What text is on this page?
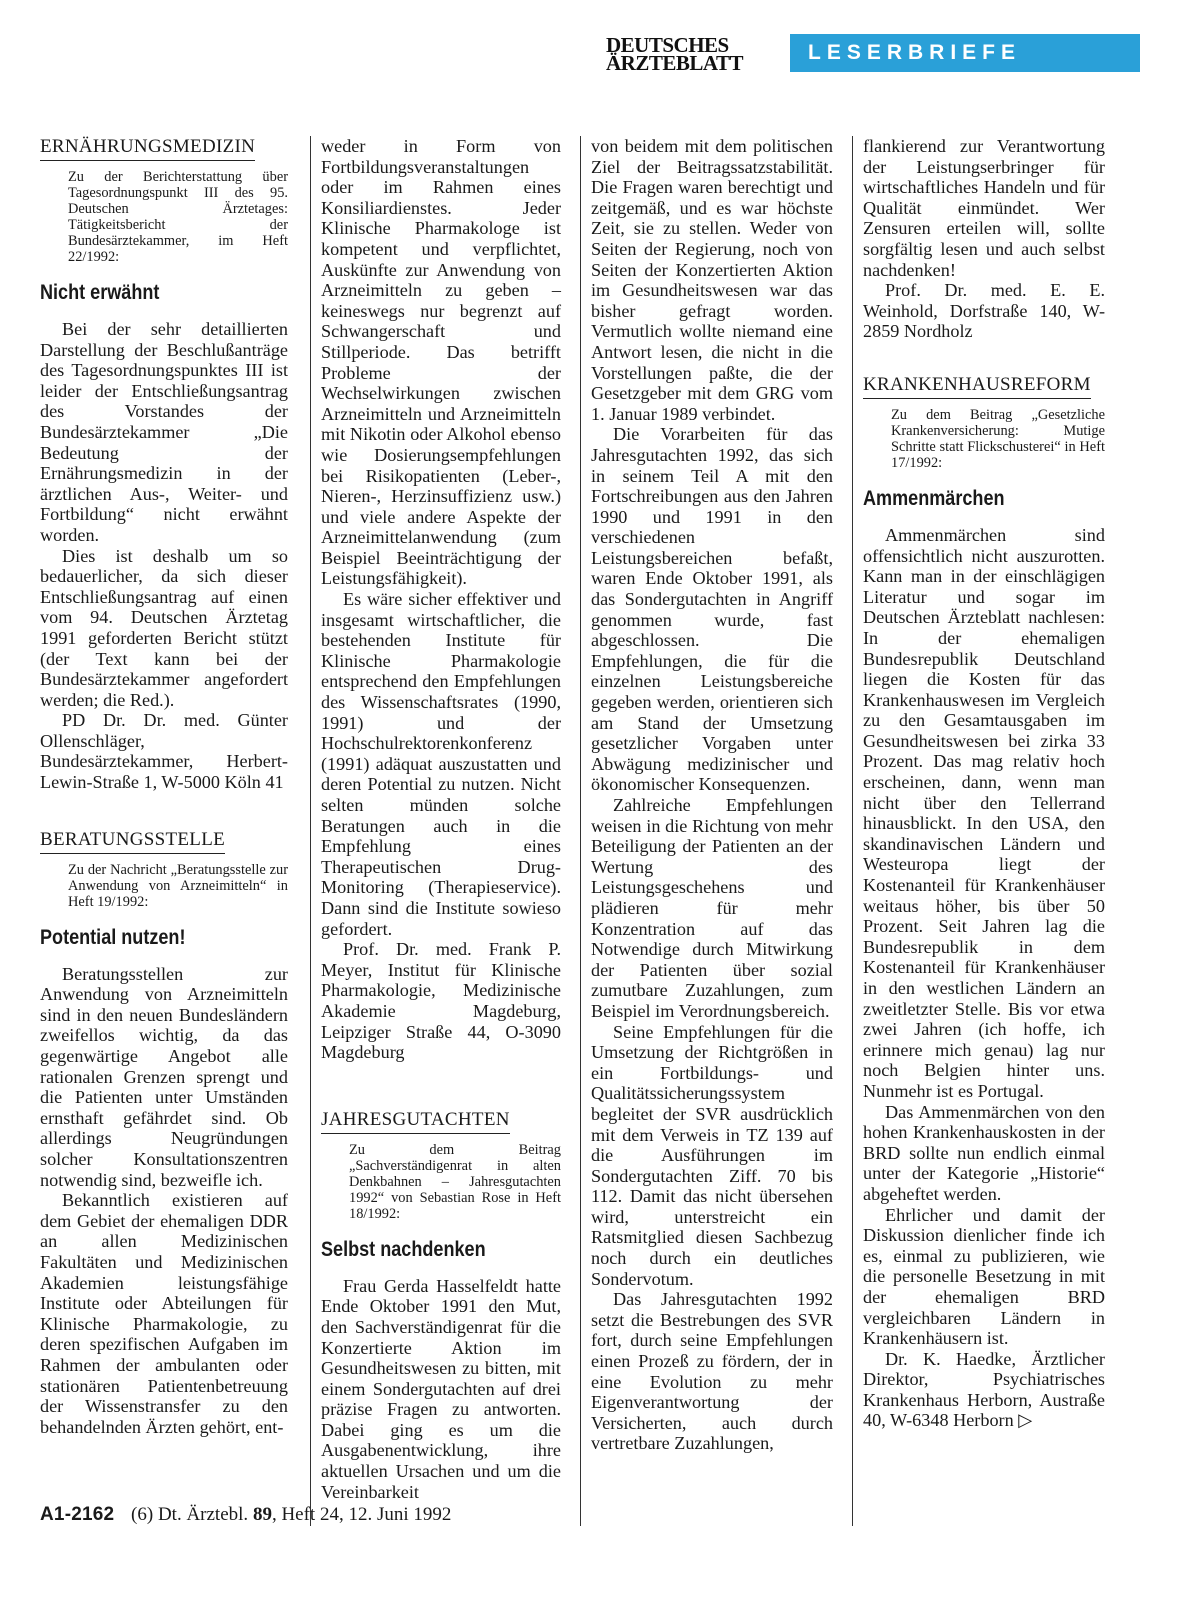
DEUTSCHES
ÄRZTEBLATT	LESERBRIEFE
ERNÄHRUNGSMEDIZIN
Zu der Berichterstattung über Tagesordnungspunkt III des 95. Deutschen Ärztetages: Tätigkeitsbericht der Bundesärztekammer, im Heft 22/1992:
Nicht erwähnt

Bei der sehr detaillierten Darstellung der Beschlußanträge des Tagesordnungspunktes III ist leider der Entschließungsantrag des Vorstandes der Bundesärztekammer „Die Bedeutung der Ernährungsmedizin in der ärztlichen Aus-, Weiter- und Fortbildung“ nicht erwähnt worden.

Dies ist deshalb um so bedauerlicher, da sich dieser Entschließungsantrag auf einen vom 94. Deutschen Ärztetag 1991 geforderten Bericht stützt (der Text kann bei der Bundesärztekammer angefordert werden; die Red.).

PD Dr. Dr. med. Günter Ollenschläger, Bundesärztekammer, Herbert-Lewin-Straße 1, W-5000 Köln 41

BERATUNGSSTELLE
Zu der Nachricht „Beratungsstelle zur Anwendung von Arzneimitteln“ in Heft 19/1992:
Potential nutzen!

Beratungsstellen zur Anwendung von Arzneimitteln sind in den neuen Bundesländern zweifellos wichtig, da das gegenwärtige Angebot alle rationalen Grenzen sprengt und die Patienten unter Umständen ernsthaft gefährdet sind. Ob allerdings Neugründungen solcher Konsultationszentren notwendig sind, bezweifle ich.

Bekanntlich existieren auf dem Gebiet der ehemaligen DDR an allen Medizinischen Fakultäten und Medizinischen Akademien leistungsfähige Institute oder Abteilungen für Klinische Pharmakologie, zu deren spezifischen Aufgaben im Rahmen der ambulanten oder stationären Patientenbetreuung der Wissenstransfer zu den behandelnden Ärzten gehört, ent-

weder in Form von Fortbildungsveranstaltungen oder im Rahmen eines Konsiliardienstes. Jeder Klinische Pharmakologe ist kompetent und verpflichtet, Auskünfte zur Anwendung von Arzneimitteln zu geben – keineswegs nur begrenzt auf Schwangerschaft und Stillperiode. Das betrifft Probleme der Wechselwirkungen zwischen Arzneimitteln und Arzneimitteln mit Nikotin oder Alkohol ebenso wie Dosierungsempfehlungen bei Risikopatienten (Leber-, Nieren-, Herzinsuffizienz usw.) und viele andere Aspekte der Arzneimittelanwendung (zum Beispiel Beeinträchtigung der Leistungsfähigkeit).

Es wäre sicher effektiver und insgesamt wirtschaftlicher, die bestehenden Institute für Klinische Pharmakologie entsprechend den Empfehlungen des Wissenschaftsrates (1990, 1991) und der Hochschulrektorenkonferenz (1991) adäquat auszustatten und deren Potential zu nutzen. Nicht selten münden solche Beratungen auch in die Empfehlung eines Therapeutischen Drug-Monitoring (Therapieservice). Dann sind die Institute sowieso gefordert.

Prof. Dr. med. Frank P. Meyer, Institut für Klinische Pharmakologie, Medizinische Akademie Magdeburg, Leipziger Straße 44, O-3090 Magdeburg

JAHRESGUTACHTEN
Zu dem Beitrag „Sachverständigenrat in alten Denkbahnen – Jahresgutachten 1992“ von Sebastian Rose in Heft 18/1992:
Selbst nachdenken

Frau Gerda Hasselfeldt hatte Ende Oktober 1991 den Mut, den Sachverständigenrat für die Konzertierte Aktion im Gesundheitswesen zu bitten, mit einem Sondergutachten auf drei präzise Fragen zu antworten. Dabei ging es um die Ausgabenentwicklung, ihre aktuellen Ursachen und um die Vereinbarkeit

von beidem mit dem politischen Ziel der Beitragssatzstabilität. Die Fragen waren berechtigt und zeitgemäß, und es war höchste Zeit, sie zu stellen. Weder von Seiten der Regierung, noch von Seiten der Konzertierten Aktion im Gesundheitswesen war das bisher gefragt worden. Vermutlich wollte niemand eine Antwort lesen, die nicht in die Vorstellungen paßte, die der Gesetzgeber mit dem GRG vom 1. Januar 1989 verbindet.

Die Vorarbeiten für das Jahresgutachten 1992, das sich in seinem Teil A mit den Fortschreibungen aus den Jahren 1990 und 1991 in den verschiedenen Leistungsbereichen befaßt, waren Ende Oktober 1991, als das Sondergutachten in Angriff genommen wurde, fast abgeschlossen. Die Empfehlungen, die für die einzelnen Leistungsbereiche gegeben werden, orientieren sich am Stand der Umsetzung gesetzlicher Vorgaben unter Abwägung medizinischer und ökonomischer Konsequenzen.

Zahlreiche Empfehlungen weisen in die Richtung von mehr Beteiligung der Patienten an der Wertung des Leistungsgeschehens und plädieren für mehr Konzentration auf das Notwendige durch Mitwirkung der Patienten über sozial zumutbare Zuzahlungen, zum Beispiel im Verordnungsbereich.

Seine Empfehlungen für die Umsetzung der Richtgrößen in ein Fortbildungs- und Qualitätssicherungssystem begleitet der SVR ausdrücklich mit dem Verweis in TZ 139 auf die Ausführungen im Sondergutachten Ziff. 70 bis 112. Damit das nicht übersehen wird, unterstreicht ein Ratsmitglied diesen Sachbezug noch durch ein deutliches Sondervotum.

Das Jahresgutachten 1992 setzt die Bestrebungen des SVR fort, durch seine Empfehlungen einen Prozeß zu fördern, der in eine Evolution zu mehr Eigenverantwortung der Versicherten, auch durch vertretbare Zuzahlungen,

flankierend zur Verantwortung der Leistungserbringer für wirtschaftliches Handeln und für Qualität einmündet. Wer Zensuren erteilen will, sollte sorgfältig lesen und auch selbst nachdenken!

Prof. Dr. med. E. E. Weinhold, Dorfstraße 140, W-2859 Nordholz

KRANKENHAUSREFORM
Zu dem Beitrag „Gesetzliche Krankenversicherung: Mutige Schritte statt Flickschusterei“ in Heft 17/1992:
Ammenmärchen

Ammenmärchen sind offensichtlich nicht auszurotten. Kann man in der einschlägigen Literatur und sogar im Deutschen Ärzteblatt nachlesen: In der ehemaligen Bundesrepublik Deutschland liegen die Kosten für das Krankenhauswesen im Vergleich zu den Gesamtausgaben im Gesundheitswesen bei zirka 33 Prozent. Das mag relativ hoch erscheinen, dann, wenn man nicht über den Tellerrand hinausblickt. In den USA, den skandinavischen Ländern und Westeuropa liegt der Kostenanteil für Krankenhäuser weitaus höher, bis über 50 Prozent. Seit Jahren lag die Bundesrepublik in dem Kostenanteil für Krankenhäuser in den westlichen Ländern an zweitletzter Stelle. Bis vor etwa zwei Jahren (ich hoffe, ich erinnere mich genau) lag nur noch Belgien hinter uns. Nunmehr ist es Portugal.

Das Ammenmärchen von den hohen Krankenhauskosten in der BRD sollte nun endlich einmal unter der Kategorie „Historie“ abgeheftet werden.

Ehrlicher und damit der Diskussion dienlicher finde ich es, einmal zu publizieren, wie die personelle Besetzung in mit der ehemaligen BRD vergleichbaren Ländern in Krankenhäusern ist.

Dr. K. Haedke, Ärztlicher Direktor, Psychiatrisches Krankenhaus Herborn, Austraße 40, W-6348 Herborn ▷

A1-2162 (6) Dt. Ärztebl. 89, Heft 24, 12. Juni 1992
